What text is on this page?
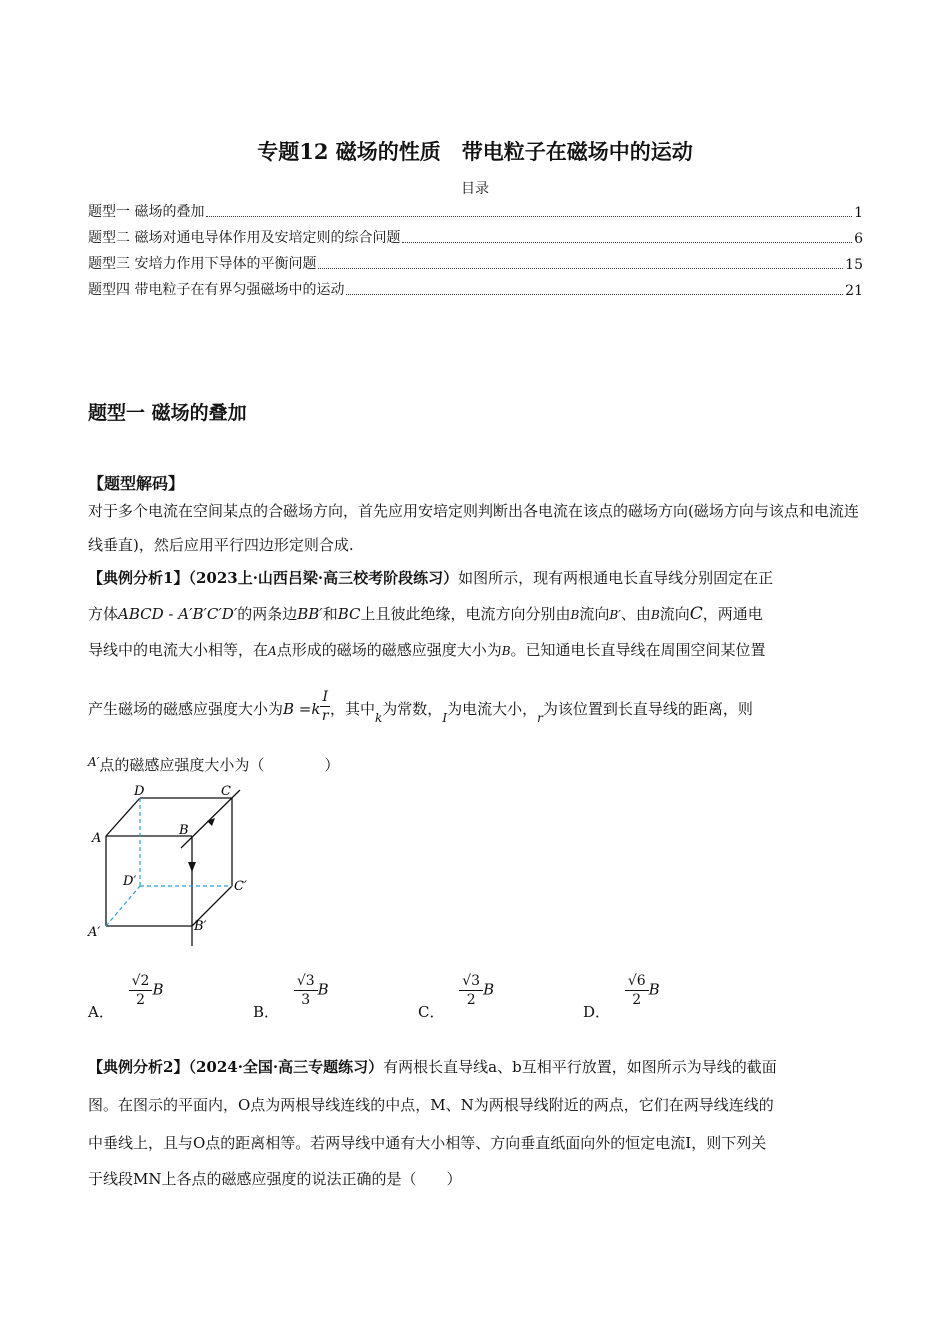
专题12 磁场的性质　带电粒子在磁场中的运动
目录
题型一 磁场的叠加	1
题型二 磁场对通电导体作用及安培定则的综合问题	6
题型三 安培力作用下导体的平衡问题	15
题型四 带电粒子在有界匀强磁场中的运动	21
题型一 磁场的叠加
【题型解码】
对于多个电流在空间某点的合磁场方向，首先应用安培定则判断出各电流在该点的磁场方向(磁场方向与该点和电流连线垂直)，然后应用平行四边形定则合成.
【典例分析1】（2023上·山西吕梁·高三校考阶段练习）如图所示，现有两根通电长直导线分别固定在正
方体ABCD - A′B′C′D′的两条边BB′和BC上且彼此绝缘，电流方向分别由B流向B′、由B流向C，两通电
导线中的电流大小相等，在A点形成的磁场的磁感应强度大小为B。已知通电长直导线在周围空间某位置
产生磁场的磁感应强度大小为$B =k \frac{I}{r}$ ，其中$_k$为常数，$_I$为电流大小，$_r$为该位置到长直导线的距离，则
$^{A'}$点的磁感应强度大小为（　　　　）
D	C
A
B
D′	C′
A′	B′
A．
$\frac{√2}{2}$ B
B．
$\frac{√3}{3}$ B
C．
$\frac{√3}{2}$ B
D．
$\frac{√6}{2}$ B
【典例分析2】（2024·全国·高三专题练习）有两根长直导线a、b互相平行放置，如图所示为导线的截面
图。在图示的平面内，O点为两根导线连线的中点，M、N为两根导线附近的两点，它们在两导线连线的
中垂线上，且与O点的距离相等。若两导线中通有大小相等、方向垂直纸面向外的恒定电流I，则下列关
于线段MN上各点的磁感应强度的说法正确的是（　　）
